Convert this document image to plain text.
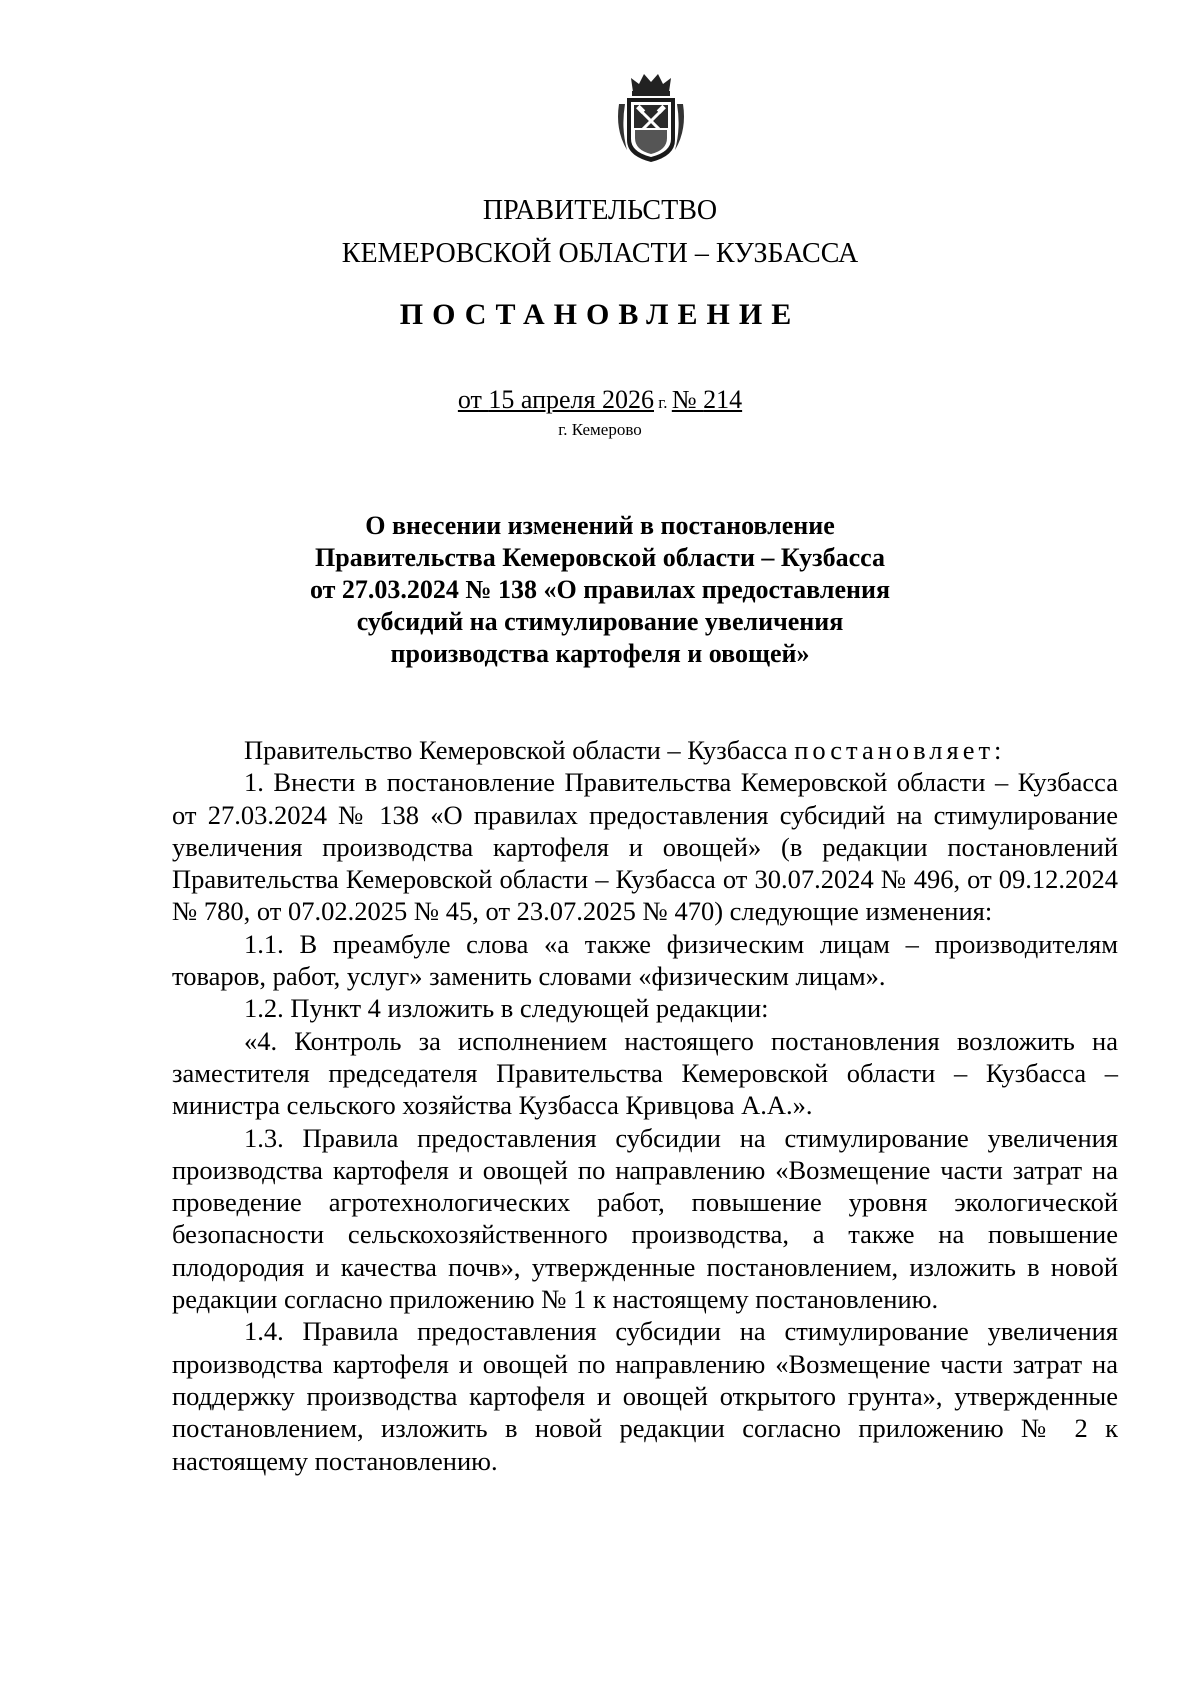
ПРАВИТЕЛЬСТВО
КЕМЕРОВСКОЙ ОБЛАСТИ – КУЗБАССА
ПОСТАНОВЛЕНИЕ
от 15 апреля 2026 г. № 214
г. Кемерово
О внесении изменений в постановление
Правительства Кемеровской области – Кузбасса
от 27.03.2024 № 138 «О правилах предоставления
субсидий на стимулирование увеличения
производства картофеля и овощей»

Правительство Кемеровской области – Кузбасса постановляет:

1. Внести в постановление Правительства Кемеровской области – Кузбасса от 27.03.2024 № 138 «О правилах предоставления субсидий на стимулирование увеличения производства картофеля и овощей» (в редакции постановлений Правительства Кемеровской области – Кузбасса от 30.07.2024 № 496, от 09.12.2024 № 780, от 07.02.2025 № 45, от 23.07.2025 № 470) следующие изменения:

1.1. В преамбуле слова «а также физическим лицам – производителям товаров, работ, услуг» заменить словами «физическим лицам».

1.2. Пункт 4 изложить в следующей редакции:

«4. Контроль за исполнением настоящего постановления возложить на заместителя председателя Правительства Кемеровской области – Кузбасса – министра сельского хозяйства Кузбасса Кривцова А.А.».

1.3. Правила предоставления субсидии на стимулирование увеличения производства картофеля и овощей по направлению «Возмещение части затрат на проведение агротехнологических работ, повышение уровня экологической безопасности сельскохозяйственного производства, а также на повышение плодородия и качества почв», утвержденные постановлением, изложить в новой редакции согласно приложению № 1 к настоящему постановлению.

1.4. Правила предоставления субсидии на стимулирование увеличения производства картофеля и овощей по направлению «Возмещение части затрат на поддержку производства картофеля и овощей открытого грунта», утвержденные постановлением, изложить в новой редакции согласно приложению № 2 к настоящему постановлению.
